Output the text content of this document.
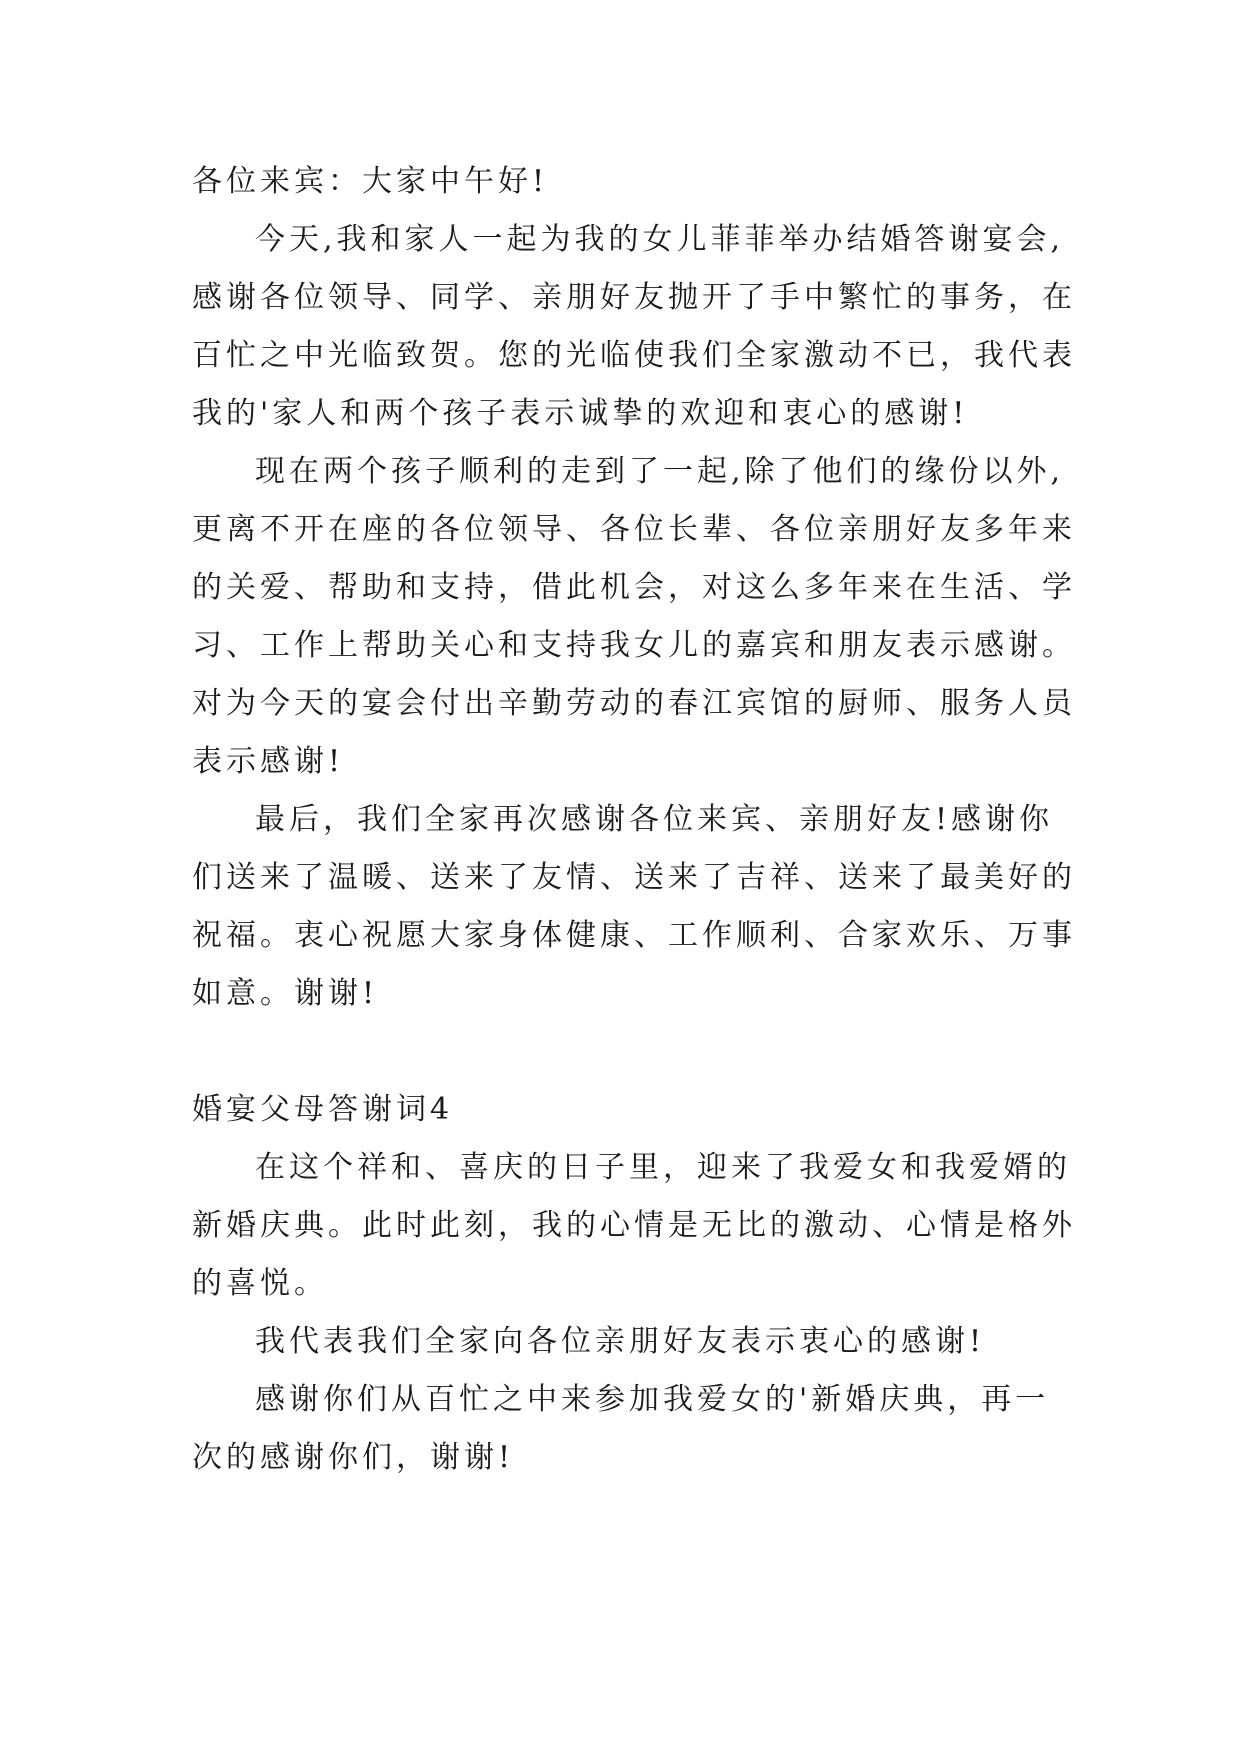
各位来宾：大家中午好!
今天,我和家人一起为我的女儿菲菲举办结婚答谢宴会,
感谢各位领导、同学、亲朋好友抛开了手中繁忙的事务，在
百忙之中光临致贺。您的光临使我们全家激动不已，我代表
我的'家人和两个孩子表示诚挚的欢迎和衷心的感谢!
现在两个孩子顺利的走到了一起,除了他们的缘份以外,
更离不开在座的各位领导、各位长辈、各位亲朋好友多年来
的关爱、帮助和支持，借此机会，对这么多年来在生活、学
习、工作上帮助关心和支持我女儿的嘉宾和朋友表示感谢。
对为今天的宴会付出辛勤劳动的春江宾馆的厨师、服务人员
表示感谢!
最后，我们全家再次感谢各位来宾、亲朋好友!感谢你
们送来了温暖、送来了友情、送来了吉祥、送来了最美好的
祝福。衷心祝愿大家身体健康、工作顺利、合家欢乐、万事
如意。谢谢!
婚宴父母答谢词4
在这个祥和、喜庆的日子里，迎来了我爱女和我爱婿的
新婚庆典。此时此刻，我的心情是无比的激动、心情是格外
的喜悦。
我代表我们全家向各位亲朋好友表示衷心的感谢!
感谢你们从百忙之中来参加我爱女的'新婚庆典，再一
次的感谢你们，谢谢!
